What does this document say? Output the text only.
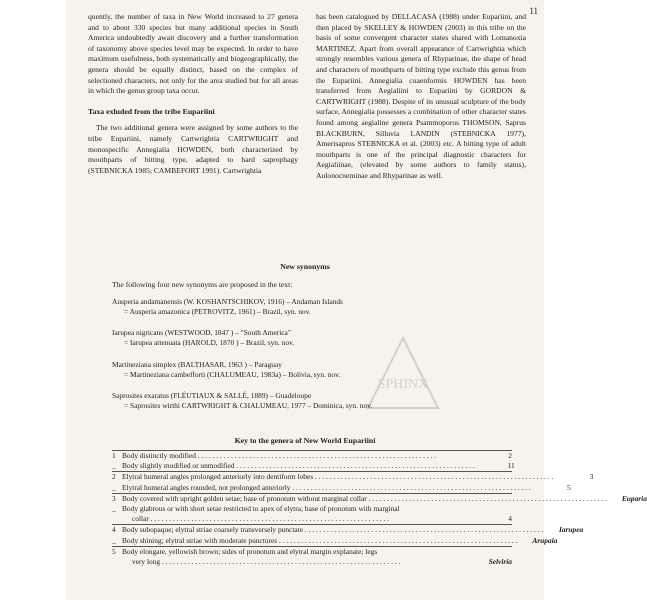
11

quently, the number of taxa in New World increased to 27 genera and to about 330 species but many additional species in South America undoubtedly await discovery and a further transformation of taxonomy above species level may be expected. In order to have maximum usefulness, both systematically and biogeographically, the genera should be equally distinct, based on the complex of selectioned characters, not only for the area studied but for all areas in which the genus group taxa occur.

Taxa exluded from the tribe Eupariini

The two additional genera were assigned by some authors to the tribe Eupariini, namely Cartwrightia CARTWRIGHT and monospecific Annegialia HOWDEN, both characterized by mouthparts of bitting type, adapted to hard saprophagy (STEBNICKA 1985; CAMBEFORT 1991). Cartwrightia

has been catalogued by DELLACASA (1988) under Eupariini, and then placed by SKELLEY & HOWDEN (2003) in this tribe on the basis of some convergent character states shared with Lomanoxia MARTINEZ. Apart from overall appearance of Cartwrightia which strongly resembles various genera of Rhyparinae, the shape of head and characters of mouthparts of bitting type exclude this genus from the Eupariini. Annegialia cuaenformis HOWDEN has been transferred from Aegialiini to Eupariini by GORDON & CARTWRIGHT (1988). Despite of its unusual sculpture of the body surface, Annegialia possesses a combination of other character states found among aegialine genera Psammoporus THOMSON, Saprus BLACKBURN, Silluvia LANDIN (STEBNICKA 1977), Amerisaprus STEBNICKA et al. (2003) etc. A bitting type of adult mouthparts is one of the principal diagnostic characters for Aegialiinae, (elevated by some authors to family status), Aulonocneminae and Rhyparinae as well.

New synonyms
The following four new synonyms are proposed in the text:
Ausperia andamanensis (W. KOSHANTSCHIKOV, 1916) – Andaman Islands
= Ausperia amazonica (PETROVITZ, 1961) – Brazil, syn. nov.
Iarupea nigricans (WESTWOOD, 1847 ) – "South America"
= Iarupea attenuata (HAROLD, 1870 ) – Brazil, syn. nov.
Martineziana simplex (BALTHASAR, 1963 ) – Paraguay
= Martineziana cambefforti (CHALUMEAU, 1983a) – Bolivia, syn. nov.
Saprosites exaratus (FLÉUTIAUX & SALLÉ, 1889) – Guadeloupe
= Saprosites wirthi CARTWRIGHT & CHALUMEAU, 1977 – Dominica, syn. nov.
SPHINX
Key to the genera of New World Eupariini
1 Body distinctly modified . . . . . . . . . . . . . . . . . . . . . . . . . . . . . . . . . . . . . . . . . . . . . . . . . . . . . . . . . . . . . . . . .	2
_ Body slightly modified or unmodified . . . . . . . . . . . . . . . . . . . . . . . . . . . . . . . . . . . . . . . . . . . . . . . . . . . . . . . . . . . . . . . . .	11
2 Elytral humeral angles prolonged anteriorly into dentiform lobes . . . . . . . . . . . . . . . . . . . . . . . . . . . . . . . . . . . . . . . . . . . . . . . . . . . . . . . . . . . . . . . . .	3
_ Elytral humeral angles rounded, not prolonged anteriorly . . . . . . . . . . . . . . . . . . . . . . . . . . . . . . . . . . . . . . . . . . . . . . . . . . . . . . . . . . . . . . . . .	5
3 Body covered with upright golden setae; base of pronotum without marginal collar . . . . . . . . . . . . . . . . . . . . . . . . . . . . . . . . . . . . . . . . . . . . . . . . . . . . . . . . . . . . . . . . .	Euparia
_ Body glabrous or with short setae restricted to apex of elytra; base of pronotum with marginal
collar . . . . . . . . . . . . . . . . . . . . . . . . . . . . . . . . . . . . . . . . . . . . . . . . . . . . . . . . . . . . . . . . .	4
4 Body subopaque; elytral striae coarsely transversely punctate . . . . . . . . . . . . . . . . . . . . . . . . . . . . . . . . . . . . . . . . . . . . . . . . . . . . . . . . . . . . . . . . .	Iarupea
_ Body shining; elytral striae with moderate punctures . . . . . . . . . . . . . . . . . . . . . . . . . . . . . . . . . . . . . . . . . . . . . . . . . . . . . . . . . . . . . . . . .	Arupaia
5 Body elongate, yellowish brown; sides of pronotum and elytral margin explanate; legs
very long . . . . . . . . . . . . . . . . . . . . . . . . . . . . . . . . . . . . . . . . . . . . . . . . . . . . . . . . . . . . . . . . .	Selviria
